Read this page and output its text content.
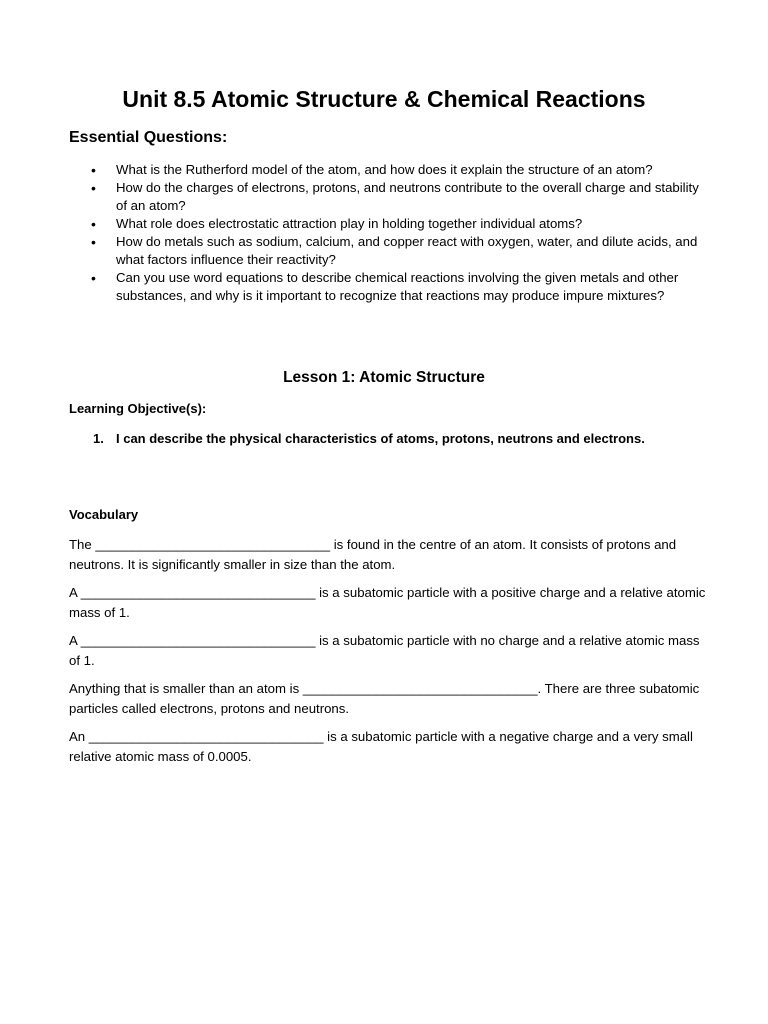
Unit 8.5 Atomic Structure & Chemical Reactions
Essential Questions:
• What is the Rutherford model of the atom, and how does it explain the structure of an atom?
• How do the charges of electrons, protons, and neutrons contribute to the overall charge and stability of an atom?
• What role does electrostatic attraction play in holding together individual atoms?
• How do metals such as sodium, calcium, and copper react with oxygen, water, and dilute acids, and what factors influence their reactivity?
• Can you use word equations to describe chemical reactions involving the given metals and other substances, and why is it important to recognize that reactions may produce impure mixtures?
Lesson 1: Atomic Structure
Learning Objective(s):
1. I can describe the physical characteristics of atoms, protons, neutrons and electrons.
Vocabulary

The ________________________________ is found in the centre of an atom. It consists of protons and neutrons. It is significantly smaller in size than the atom.

A ________________________________ is a subatomic particle with a positive charge and a relative atomic mass of 1.

A ________________________________ is a subatomic particle with no charge and a relative atomic mass of 1.

Anything that is smaller than an atom is ________________________________. There are three subatomic particles called electrons, protons and neutrons.

An ________________________________ is a subatomic particle with a negative charge and a very small relative atomic mass of 0.0005.
